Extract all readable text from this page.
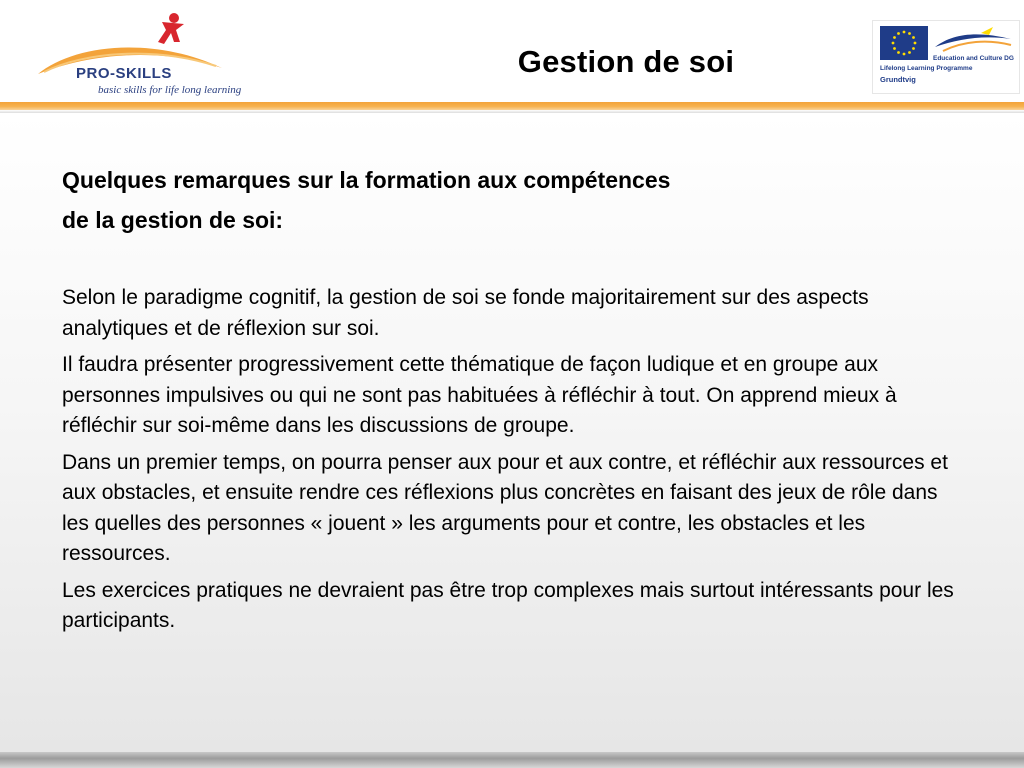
PRO-SKILLS
basic skills for life long learning
Gestion de soi	Education and Culture DG
Lifelong Learning Programme
Grundtvig
Quelques remarques sur la formation aux compétences
de la gestion de soi:

Selon le paradigme cognitif, la gestion de soi se fonde majoritairement sur des aspects analytiques et de réflexion sur soi.

Il faudra présenter progressivement cette thématique de façon ludique et en groupe aux personnes impulsives ou qui ne sont pas habituées à réfléchir à tout. On apprend mieux à réfléchir sur soi-même dans les discussions de groupe.

Dans un premier temps, on pourra penser aux pour et aux contre, et réfléchir aux ressources et aux obstacles, et ensuite rendre ces réflexions plus concrètes en faisant des jeux de rôle dans les quelles des personnes « jouent » les arguments pour et contre, les obstacles et les ressources.

Les exercices pratiques ne devraient pas être trop complexes mais surtout intéressants pour les participants.
